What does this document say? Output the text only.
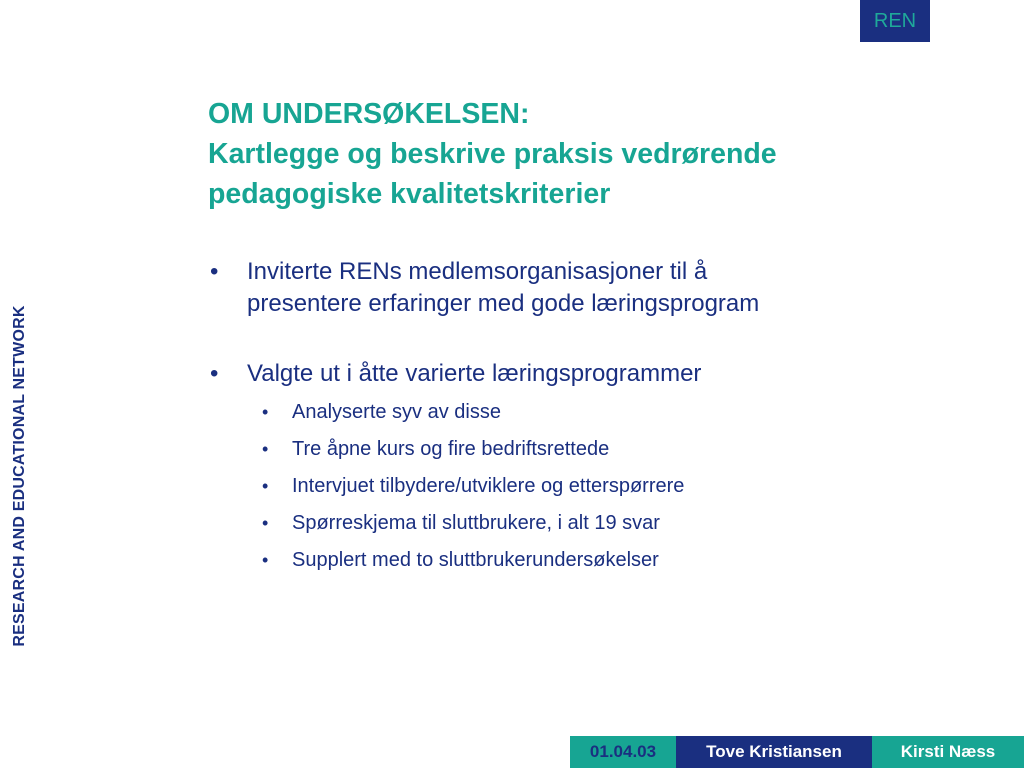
REN
RESEARCH AND EDUCATIONAL NETWORK
OM UNDERSØKELSEN:
Kartlegge og beskrive praksis vedrørende
pedagogiske kvalitetskriterier
•	Inviterte RENs medlemsorganisasjoner til å
presentere erfaringer med gode læringsprogram
•	Valgte ut i åtte varierte læringsprogrammer
• Analyserte syv av disse
• Tre åpne kurs og fire bedriftsrettede
• Intervjuet tilbydere/utviklere og etterspørrere
• Spørreskjema til sluttbrukere, i alt 19 svar
• Supplert med to sluttbrukerundersøkelser
01.04.03	Tove Kristiansen	Kirsti Næss
